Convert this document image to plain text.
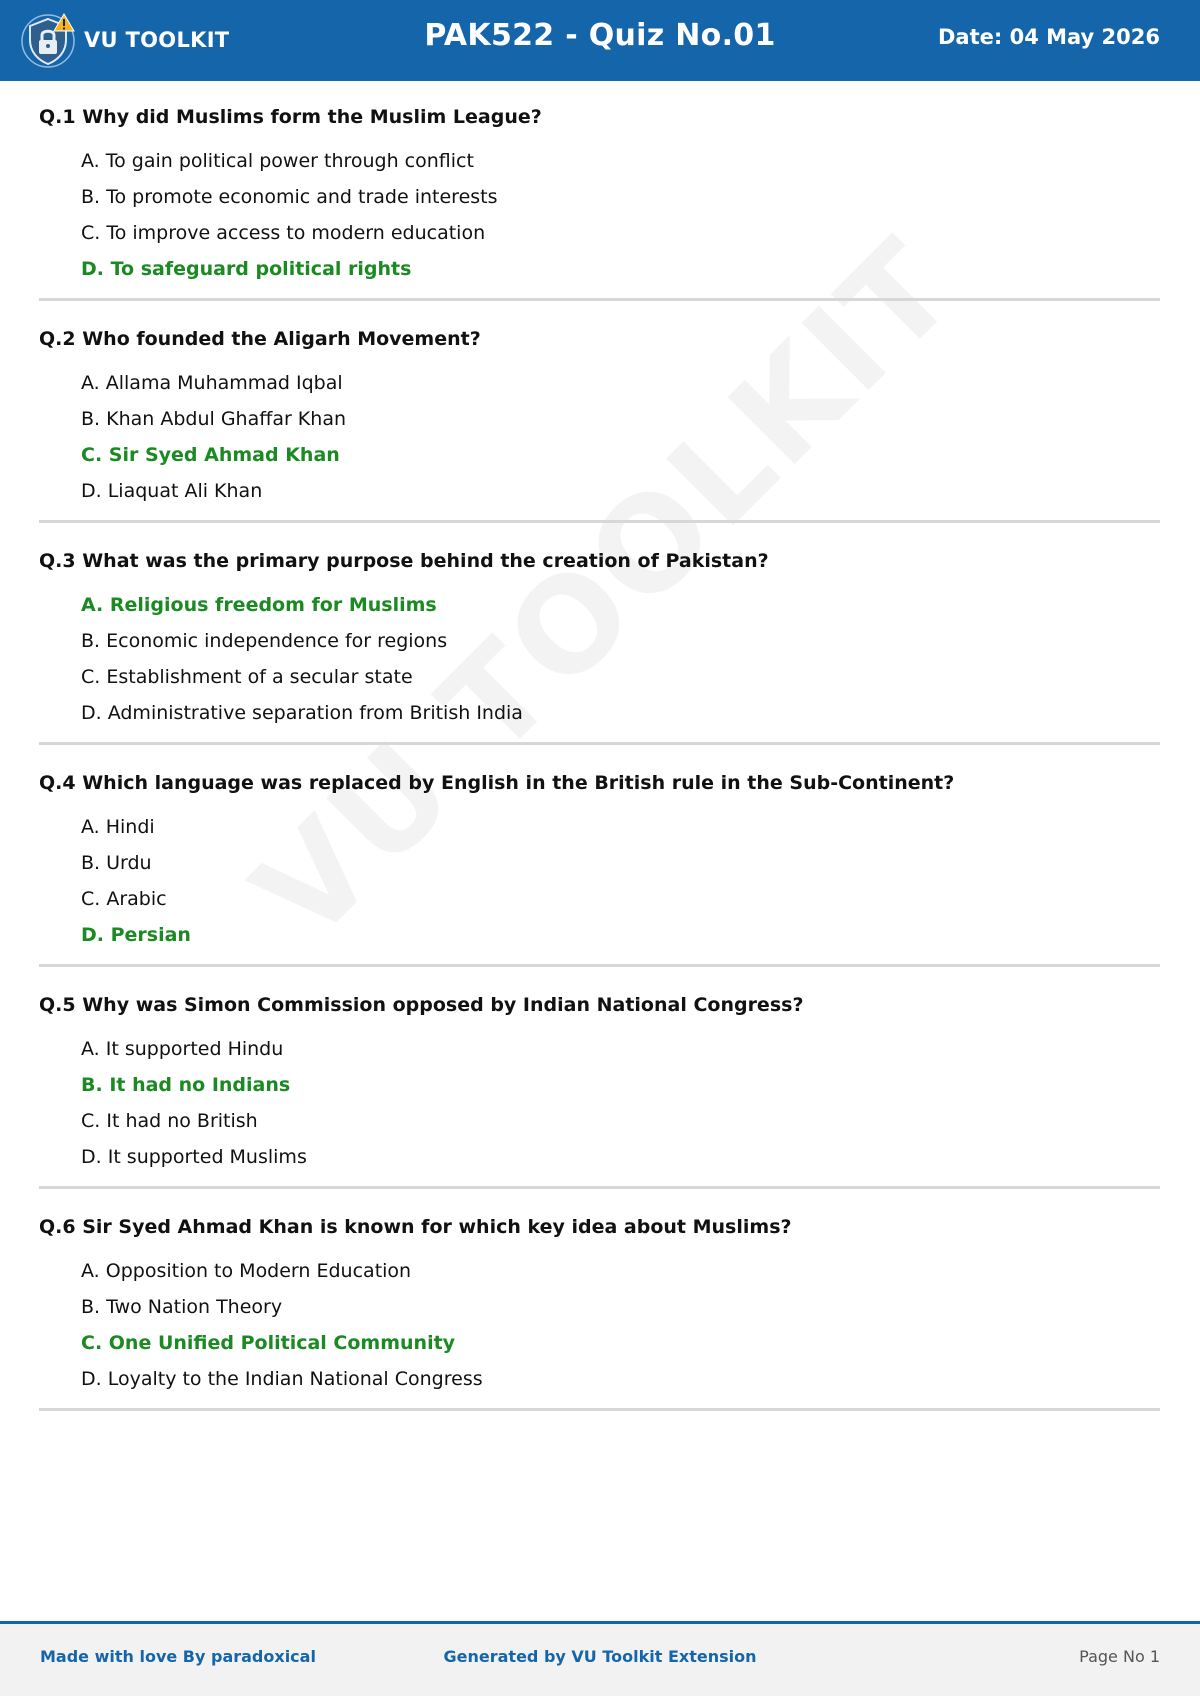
VU TOOLKIT	PAK522 - Quiz No.01	Date: 04 May 2026

Q.1 Why did Muslims form the Muslim League?

A. To gain political power through conflict
B. To promote economic and trade interests
C. To improve access to modern education
D. To safeguard political rights

Q.2 Who founded the Aligarh Movement?

A. Allama Muhammad Iqbal
B. Khan Abdul Ghaffar Khan
C. Sir Syed Ahmad Khan
D. Liaquat Ali Khan

Q.3 What was the primary purpose behind the creation of Pakistan?

A. Religious freedom for Muslims
B. Economic independence for regions
C. Establishment of a secular state
D. Administrative separation from British India

Q.4 Which language was replaced by English in the British rule in the Sub-Continent?

A. Hindi
B. Urdu
C. Arabic
D. Persian

Q.5 Why was Simon Commission opposed by Indian National Congress?

A. It supported Hindu
B. It had no Indians
C. It had no British
D. It supported Muslims

Q.6 Sir Syed Ahmad Khan is known for which key idea about Muslims?

A. Opposition to Modern Education
B. Two Nation Theory
C. One Unified Political Community
D. Loyalty to the Indian National Congress
Made with love By paradoxical	Generated by VU Toolkit Extension	Page No 1
